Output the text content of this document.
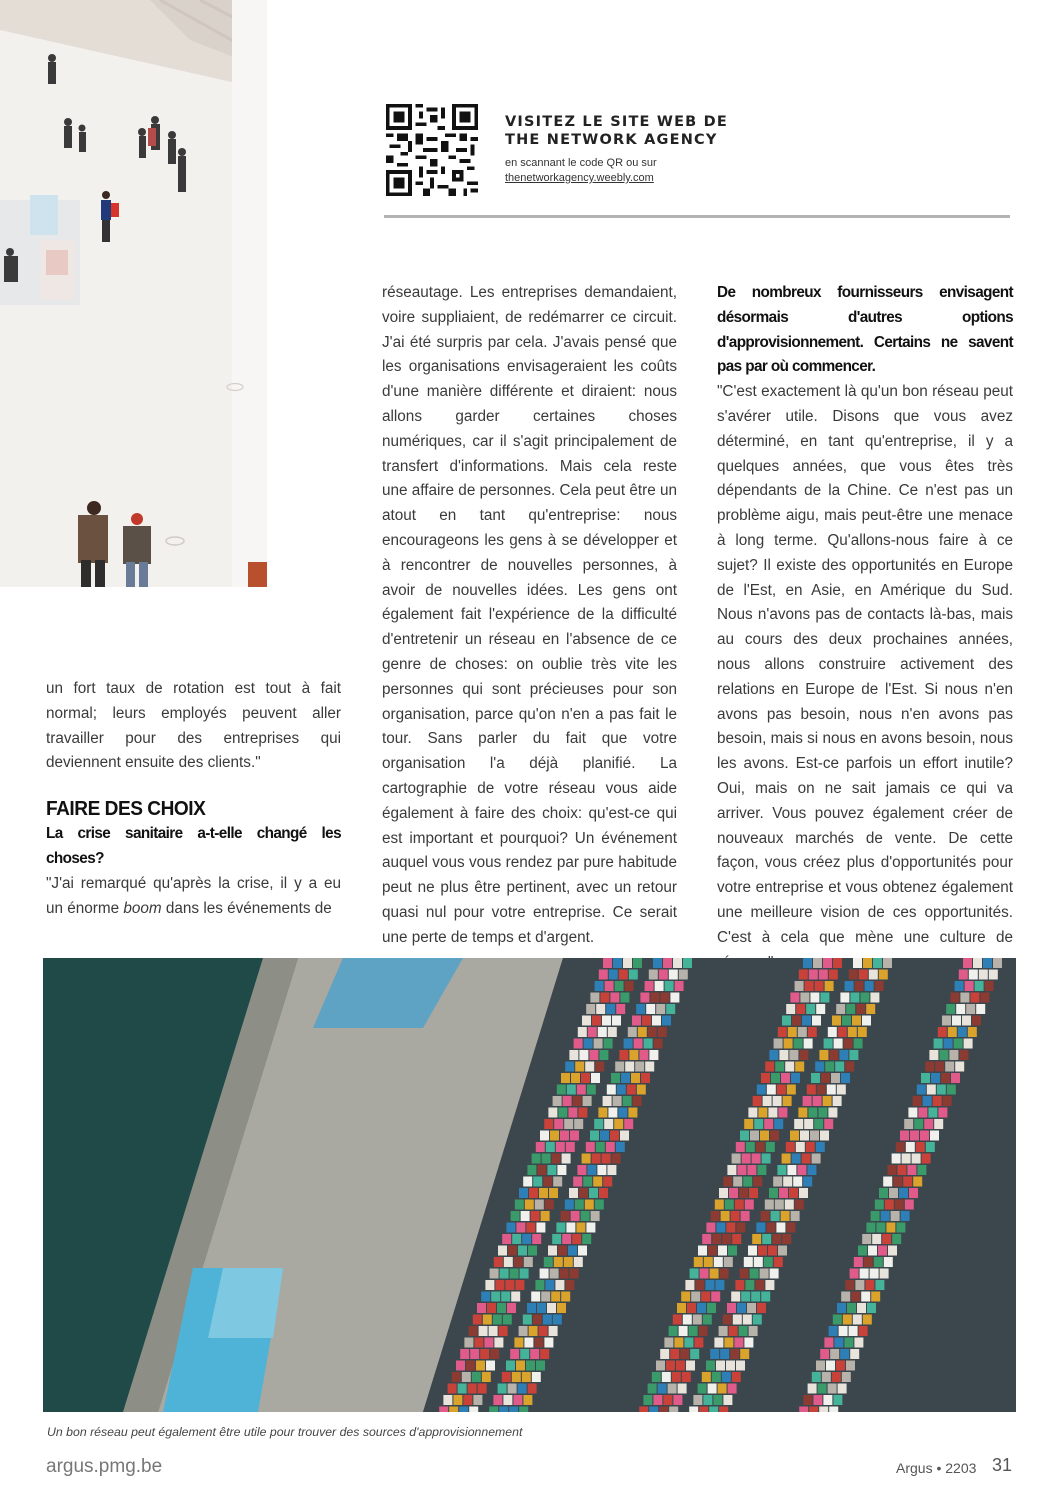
VISITEZ LE SITE WEB DE
THE NETWORK AGENCY
en scannant le code QR ou sur
thenetworkagency.weebly.com

un fort taux de rotation est tout à fait normal; leurs employés peuvent aller travailler pour des entreprises qui deviennent ensuite des clients."

FAIRE DES CHOIX

La crise sanitaire a-t-elle changé les choses?

"J'ai remarqué qu'après la crise, il y a eu un énorme boom dans les événements de

réseautage. Les entreprises demandaient, voire suppliaient, de redémarrer ce circuit. J'ai été surpris par cela. J'avais pensé que les organisations envisageraient les coûts d'une manière différente et diraient: nous allons garder certaines choses numériques, car il s'agit principalement de transfert d'informations. Mais cela reste une affaire de personnes. Cela peut être un atout en tant qu'entreprise: nous encourageons les gens à se développer et à rencontrer de nouvelles personnes, à avoir de nouvelles idées. Les gens ont également fait l'expérience de la difficulté d'entretenir un réseau en l'absence de ce genre de choses: on oublie très vite les personnes qui sont précieuses pour son organisation, parce qu'on n'en a pas fait le tour. Sans parler du fait que votre organisation l'a déjà planifié. La cartographie de votre réseau vous aide également à faire des choix: qu'est-ce qui est important et pourquoi? Un événement auquel vous vous rendez par pure habitude peut ne plus être pertinent, avec un retour quasi nul pour votre entreprise. Ce serait une perte de temps et d'argent.

De nombreux fournisseurs envisagent désormais d'autres options d'approvisionnement. Certains ne savent pas par où commencer.

"C'est exactement là qu'un bon réseau peut s'avérer utile. Disons que vous avez déterminé, en tant qu'entreprise, il y a quelques années, que vous êtes très dépendants de la Chine. Ce n'est pas un problème aigu, mais peut-être une menace à long terme. Qu'allons-nous faire à ce sujet? Il existe des opportunités en Europe de l'Est, en Asie, en Amérique du Sud. Nous n'avons pas de contacts là-bas, mais au cours des deux prochaines années, nous allons construire activement des relations en Europe de l'Est. Si nous n'en avons pas besoin, nous n'en avons pas besoin, mais si nous en avons besoin, nous les avons. Est-ce parfois un effort inutile? Oui, mais on ne sait jamais ce qui va arriver. Vous pouvez également créer de nouveaux marchés de vente. De cette façon, vous créez plus d'opportunités pour votre entreprise et vous obtenez également une meilleure vision de ces opportunités. C'est à cela que mène une culture de

Un bon réseau peut également être utile pour trouver des sources d'approvisionnement
argus.pmg.be	Argus • 2203 31
